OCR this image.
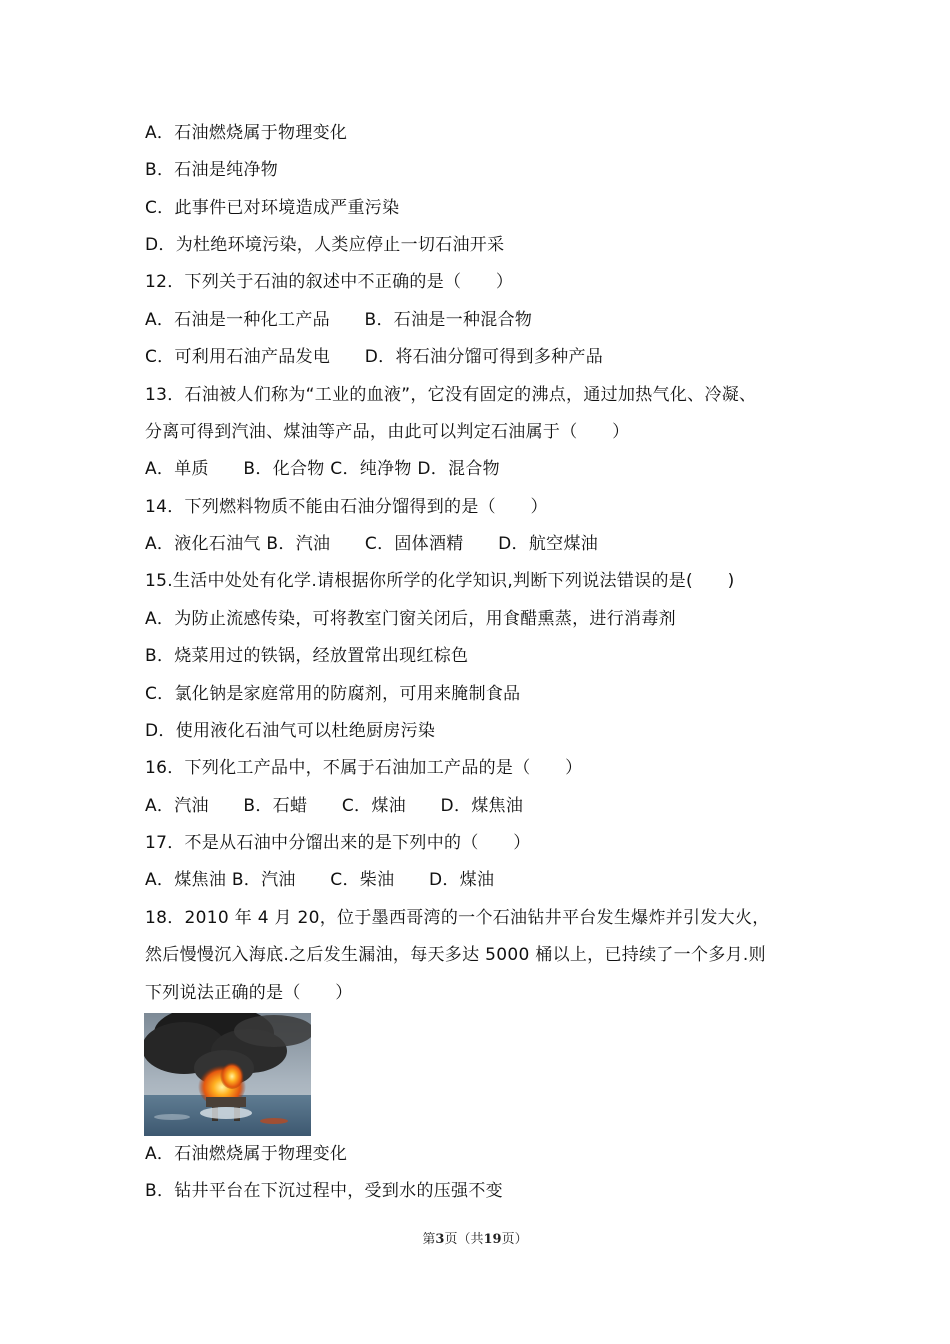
A．石油燃烧属于物理变化
B．石油是纯净物
C．此事件已对环境造成严重污染
D．为杜绝环境污染，人类应停止一切石油开采
12．下列关于石油的叙述中不正确的是（　　）
A．石油是一种化工产品　　B．石油是一种混合物
C．可利用石油产品发电　　D．将石油分馏可得到多种产品
13．石油被人们称为“工业的血液”，它没有固定的沸点，通过加热气化、冷凝、
分离可得到汽油、煤油等产品，由此可以判定石油属于（　　）
A．单质　　B．化合物 C．纯净物 D．混合物
14．下列燃料物质不能由石油分馏得到的是（　　）
A．液化石油气 B．汽油　　C．固体酒精　　D．航空煤油
15.生活中处处有化学.请根据你所学的化学知识,判断下列说法错误的是(　　)
A．为防止流感传染，可将教室门窗关闭后，用食醋熏蒸，进行消毒剂
B．烧菜用过的铁锅，经放置常出现红棕色
C．氯化钠是家庭常用的防腐剂，可用来腌制食品
D．使用液化石油气可以杜绝厨房污染
16．下列化工产品中，不属于石油加工产品的是（　　）
A．汽油　　B．石蜡　　C．煤油　　D．煤焦油
17．不是从石油中分馏出来的是下列中的（　　）
A．煤焦油 B．汽油　　C．柴油　　D．煤油
18．2010 年 4 月 20，位于墨西哥湾的一个石油钻井平台发生爆炸并引发大火，
然后慢慢沉入海底.之后发生漏油，每天多达 5000 桶以上，已持续了一个多月.则
下列说法正确的是（　　）
A．石油燃烧属于物理变化
B．钻井平台在下沉过程中，受到水的压强不变
第3页（共19页）
